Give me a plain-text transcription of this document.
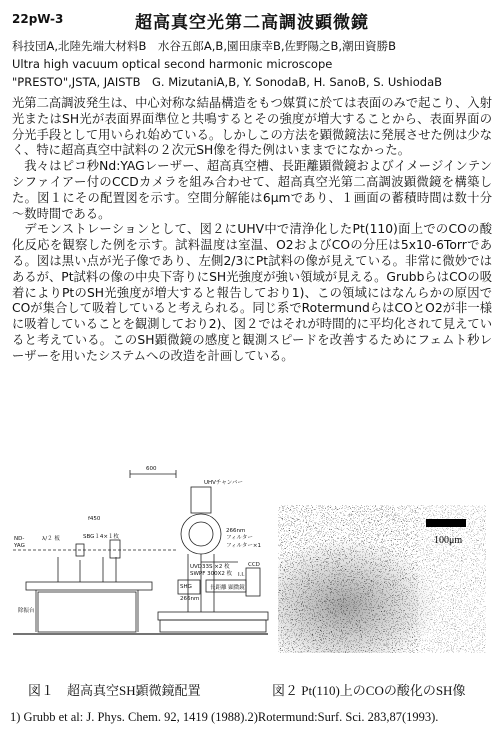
22pW-3	超高真空光第二高調波顕微鏡
科技団A,北陸先端大材料B　水谷五郎A,B,園田康幸B,佐野陽之B,潮田資勝B
Ultra high vacuum optical second harmonic microscope
"PRESTO",JSTA, JAISTB　G. MizutaniA,B, Y. SonodaB, H. SanoB, S. UshiodaB

光第二高調波発生は、中心対称な結晶構造をもつ媒質に於ては表面のみで起こり、入射光またはSH光が表面界面準位と共鳴するとその強度が増大することから、表面界面の分光手段として用いられ始めている。しかしこの方法を顕微鏡法に発展させた例は少なく、特に超高真空中試料の２次元SH像を得た例はいままでになかった。

我々はピコ秒Nd:YAGレーザー、超高真空槽、長距離顕微鏡およびイメージインテンシファイアー付のCCDカメラを組み合わせて、超高真空光第二高調波顕微鏡を構築した。図１にその配置図を示す。空間分解能は6μmであり、１画面の蓄積時間は数十分～数時間である。

デモンストレーションとして、図２にUHV中で清浄化したPt(110)面上でのCOの酸化反応を観察した例を示す。試料温度は室温、O2およびCOの分圧は5x10-6Torrである。図は黒い点が光子像であり、左側2/3にPt試料の像が見えている。非常に微妙ではあるが、Pt試料の像の中央下寄りにSH光強度が強い領域が見える。GrubbらはCOの吸着によりPtのSH光強度が増大すると報告しており1)、この領域にはなんらかの原因でCOが集合して吸着していると考えられる。同じ系でRotermundらはCOとO2が非一様に吸着していることを観測しており2)、図２ではそれが時間的に平均化されて見えていると考えている。このSH顕微鏡の感度と観測スピードを改善するためにフェムト秒レーザーを用いたシステムへの改造を計画している。

600
UHVチャンバー
f450
SBG１4×１枚
ND-
YAG
λ/２ 板
266nm
フィルター
フィルター×1
UVD33S ×2 枚
SWPF 300X2 枚
CCD
I.I.
長距離 顕微鏡
SHG
266nm
除振台
100μm
図１　超高真空SH顕微鏡配置	図２ Pt(110)上のCOの酸化のSH像
1) Grubb et al: J. Phys. Chem. 92, 1419 (1988).2)Rotermund:Surf. Sci. 283,87(1993).
